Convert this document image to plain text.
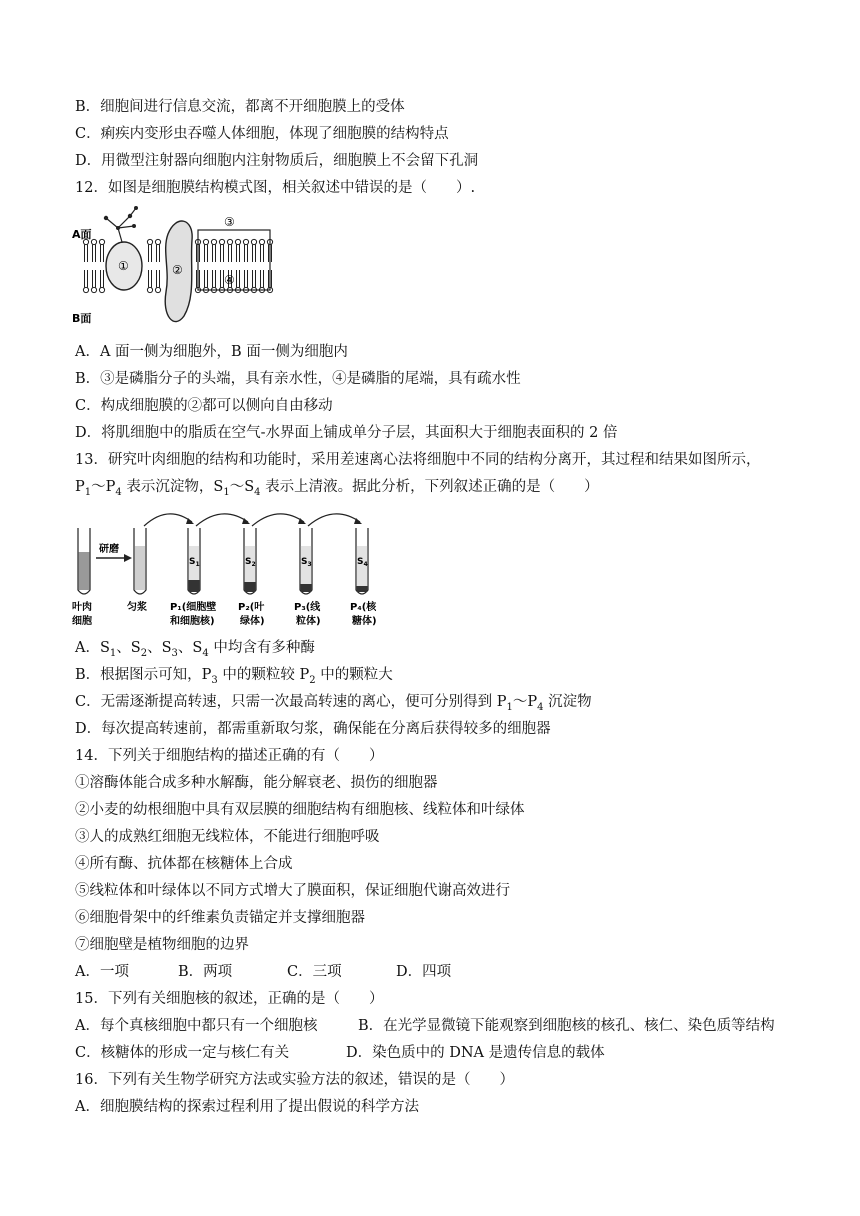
B．细胞间进行信息交流，都离不开细胞膜上的受体
C．痢疾内变形虫吞噬人体细胞，体现了细胞膜的结构特点
D．用微型注射器向细胞内注射物质后，细胞膜上不会留下孔洞
12．如图是细胞膜结构模式图，相关叙述中错误的是（　　）.
A面
B面
①	②
③
④
A．A 面一侧为细胞外，B 面一侧为细胞内
B．③是磷脂分子的头端，具有亲水性，④是磷脂的尾端，具有疏水性
C．构成细胞膜的②都可以侧向自由移动
D．将肌细胞中的脂质在空气-水界面上铺成单分子层，其面积大于细胞表面积的 2 倍
13．研究叶肉细胞的结构和功能时，采用差速离心法将细胞中不同的结构分离开，其过程和结果如图所示，
$P_1\sim P_4$ 表示沉淀物，$S_1\sim S_4$ 表示上清液。据此分析，下列叙述正确的是（　　）
研磨
$S_1$	$S_2$	$S_3$	$S_4$
叶肉
细胞
匀浆 P₁(细胞壁
和细胞核)
P₂(叶
绿体)
P₃(线
粒体)
P₄(核
糖体)
A．$S_1$、$S_2$、$S_3$、$S_4$ 中均含有多种酶
B．根据图示可知，$P_3$ 中的颗粒较 $P_2$ 中的颗粒大
C．无需逐渐提高转速，只需一次最高转速的离心，便可分别得到 $P_1\sim P_4$ 沉淀物
D．每次提高转速前，都需重新取匀浆，确保能在分离后获得较多的细胞器
14．下列关于细胞结构的描述正确的有（　　）
①溶酶体能合成多种水解酶，能分解衰老、损伤的细胞器
②小麦的幼根细胞中具有双层膜的细胞结构有细胞核、线粒体和叶绿体
③人的成熟红细胞无线粒体，不能进行细胞呼吸
④所有酶、抗体都在核糖体上合成
⑤线粒体和叶绿体以不同方式增大了膜面积，保证细胞代谢高效进行
⑥细胞骨架中的纤维素负责锚定并支撑细胞器
⑦细胞壁是植物细胞的边界
A．一项	B．两项	C．三项	D．四项
15．下列有关细胞核的叙述，正确的是（　　）
A．每个真核细胞中都只有一个细胞核	B．在光学显微镜下能观察到细胞核的核孔、核仁、染色质等结构
C．核糖体的形成一定与核仁有关	D．染色质中的 DNA 是遗传信息的载体
16．下列有关生物学研究方法或实验方法的叙述，错误的是（　　）
A．细胞膜结构的探索过程利用了提出假说的科学方法
